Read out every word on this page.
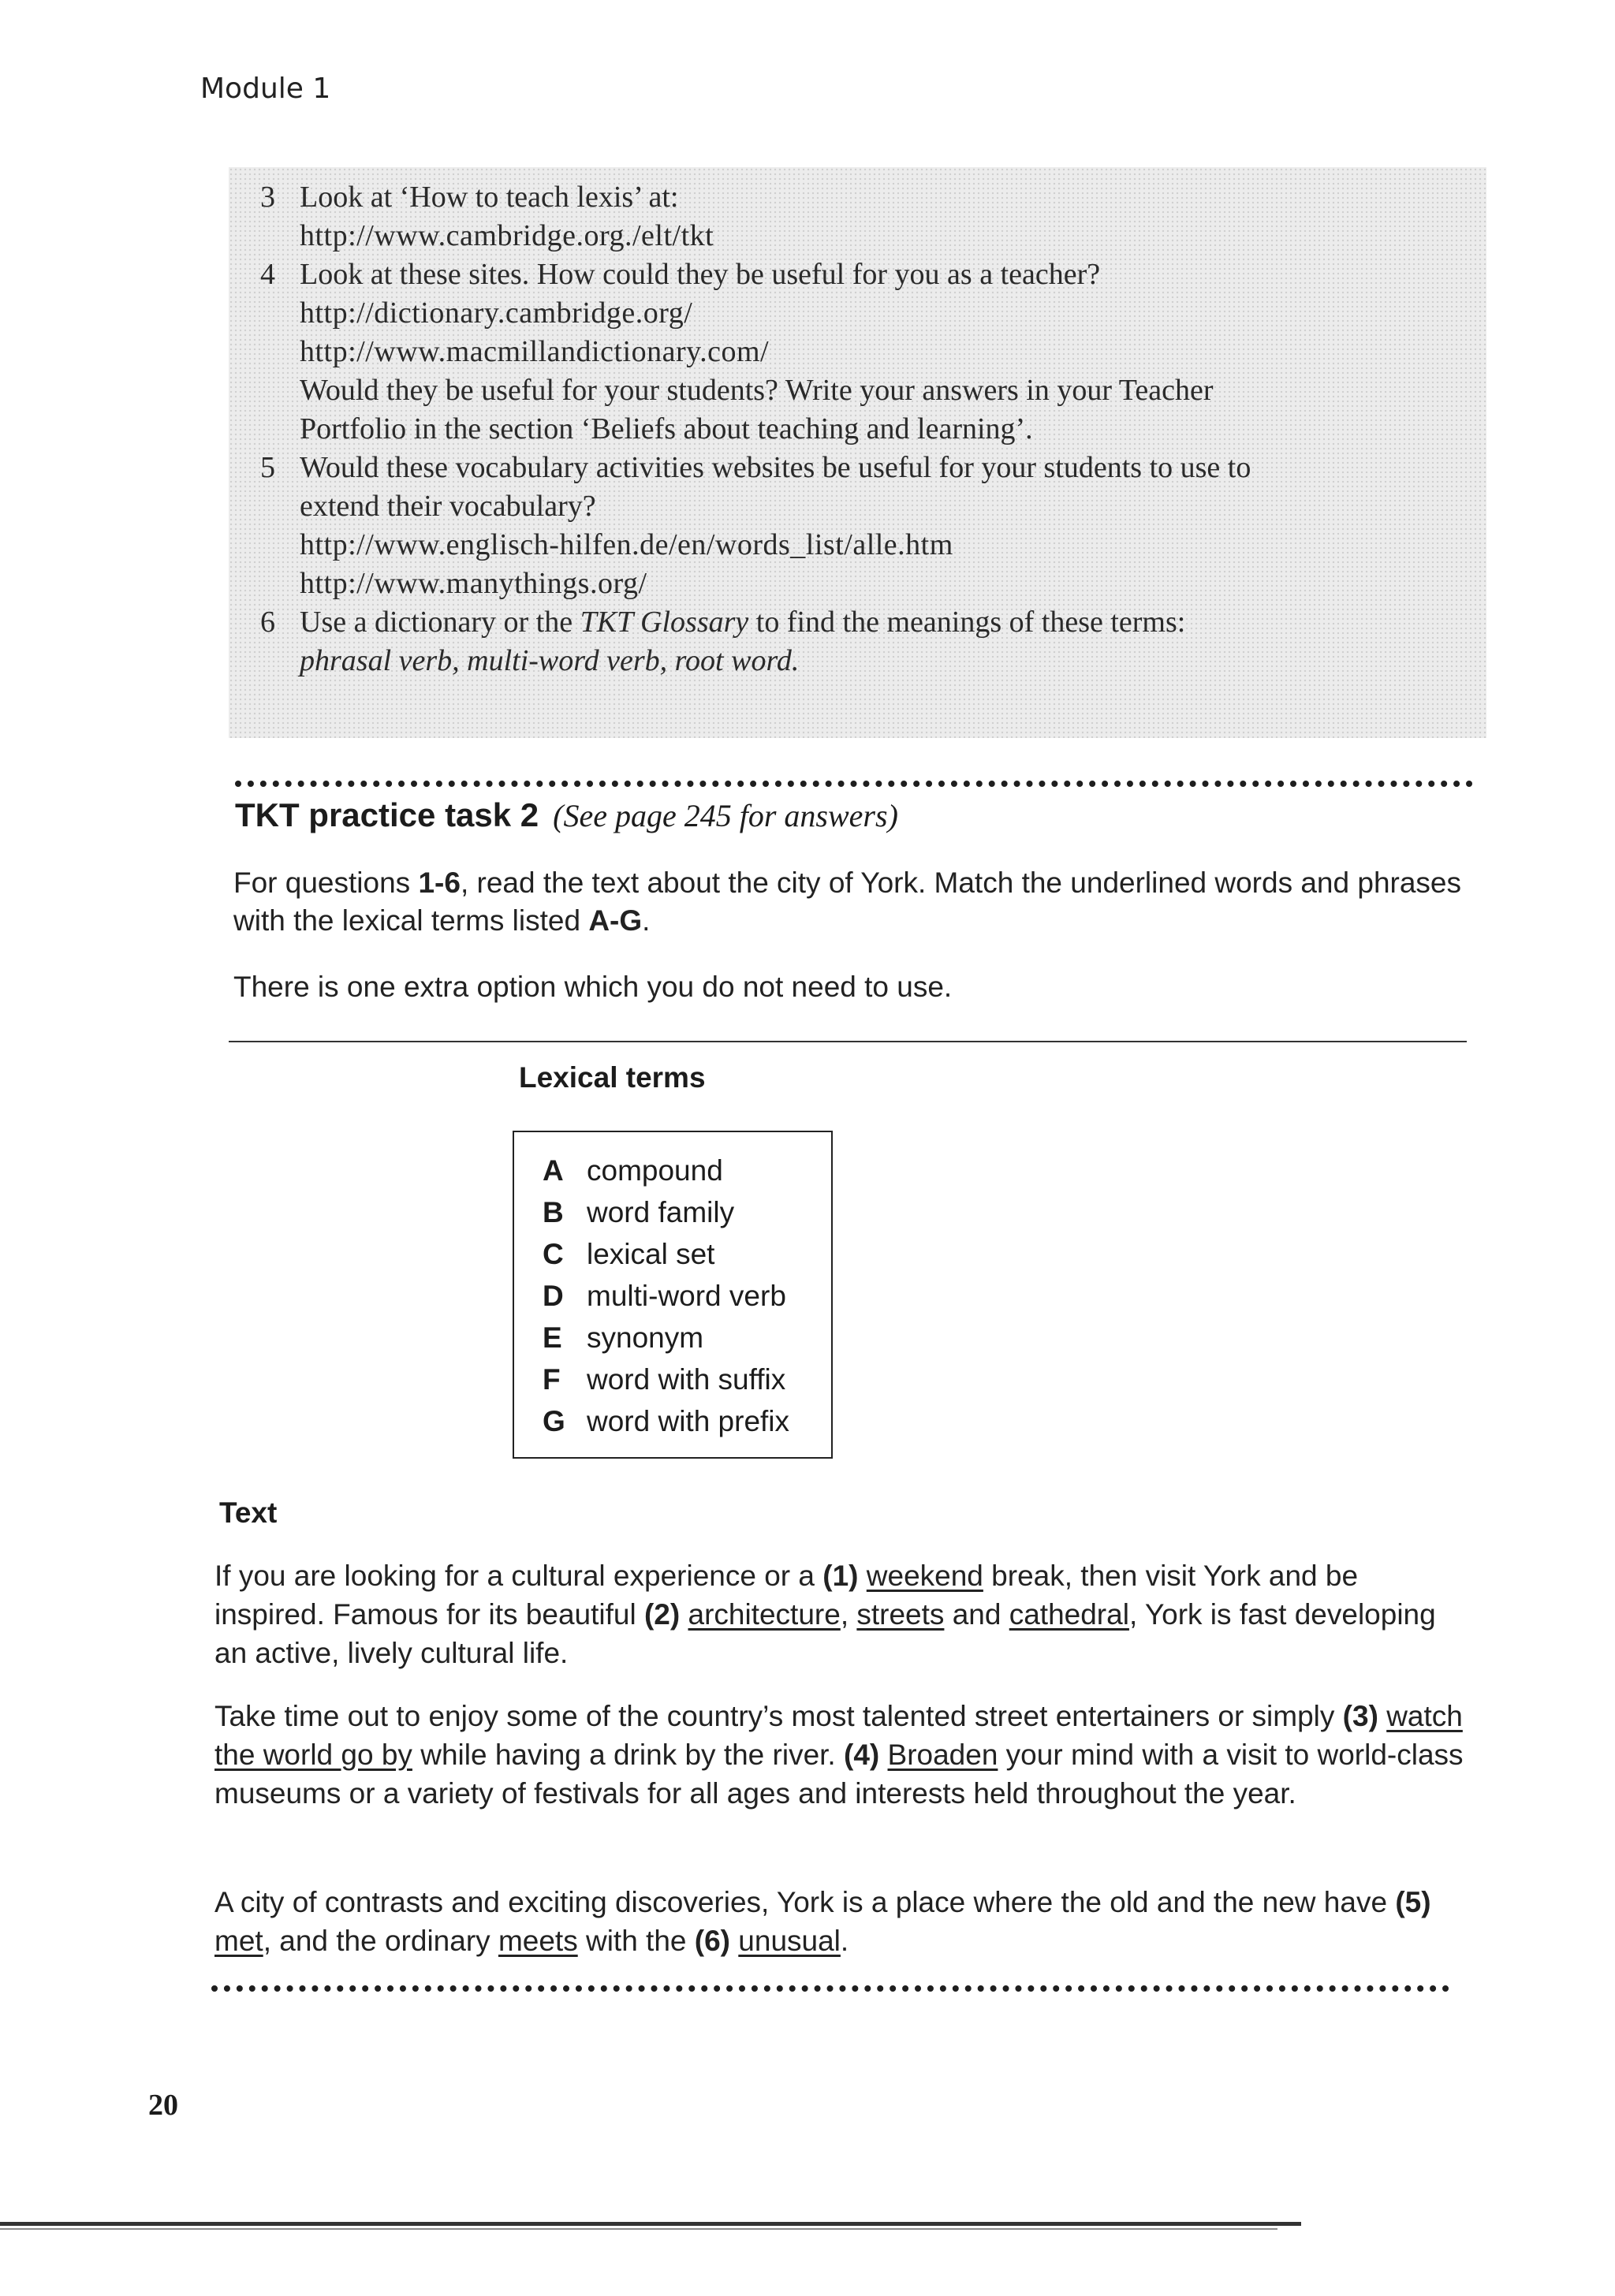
Module 1
3 Look at ‘How to teach lexis’ at:
http://www.cambridge.org./elt/tkt
4 Look at these sites. How could they be useful for you as a teacher?
http://dictionary.cambridge.org/
http://www.macmillandictionary.com/
Would they be useful for your students? Write your answers in your Teacher
Portfolio in the section ‘Beliefs about teaching and learning’.
5 Would these vocabulary activities websites be useful for your students to use to
extend their vocabulary?
http://www.englisch-hilfen.de/en/words_list/alle.htm
http://www.manythings.org/
6 Use a dictionary or the TKT Glossary to find the meanings of these terms:
phrasal verb, multi-word verb, root word.
TKT practice task 2 (See page 245 for answers)
For questions 1-6, read the text about the city of York. Match the underlined words and phrases with the lexical terms listed A-G.
There is one extra option which you do not need to use.
Lexical terms
A compound
B word family
C lexical set
D multi-word verb
E synonym
F word with suffix
G word with prefix
Text
If you are looking for a cultural experience or a (1) weekend break, then visit York and be inspired. Famous for its beautiful (2) architecture, streets and cathedral, York is fast developing an active, lively cultural life.
Take time out to enjoy some of the country’s most talented street entertainers or simply (3) watch the world go by while having a drink by the river. (4) Broaden your mind with a visit to world-class museums or a variety of festivals for all ages and interests held throughout the year.
A city of contrasts and exciting discoveries, York is a place where the old and the new have (5) met, and the ordinary meets with the (6) unusual.
20
